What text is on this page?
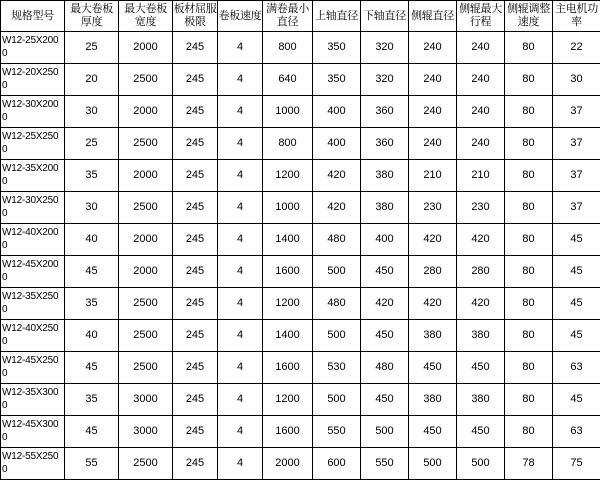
规格型号	最大卷板厚度	最大卷板宽度	板材屈服极限	卷板速度	满卷最小直径	上轴直径	下轴直径	侧辊直径	侧辊最大行程	侧辊调整速度	主电机功率
W12-25X2000	25	2000	245	4	800	350	320	240	240	80	22
W12-20X2500	20	2500	245	4	640	350	320	240	240	80	30
W12-30X2000	30	2000	245	4	1000	400	360	240	240	80	37
W12-25X2500	25	2500	245	4	800	400	360	240	240	80	37
W12-35X2000	35	2000	245	4	1200	420	380	210	210	80	37
W12-30X2500	30	2500	245	4	1000	420	380	230	230	80	37
W12-40X2000	40	2000	245	4	1400	480	400	420	420	80	45
W12-45X2000	45	2000	245	4	1600	500	450	280	280	80	45
W12-35X2500	35	2500	245	4	1200	480	420	420	420	80	45
W12-40X2500	40	2500	245	4	1400	500	450	380	380	80	45
W12-45X2500	45	2500	245	4	1600	530	480	450	450	80	63
W12-35X3000	35	3000	245	4	1200	500	450	380	380	80	45
W12-45X3000	45	3000	245	4	1600	550	500	450	450	80	63
W12-55X2500	55	2500	245	4	2000	600	550	500	500	78	75
